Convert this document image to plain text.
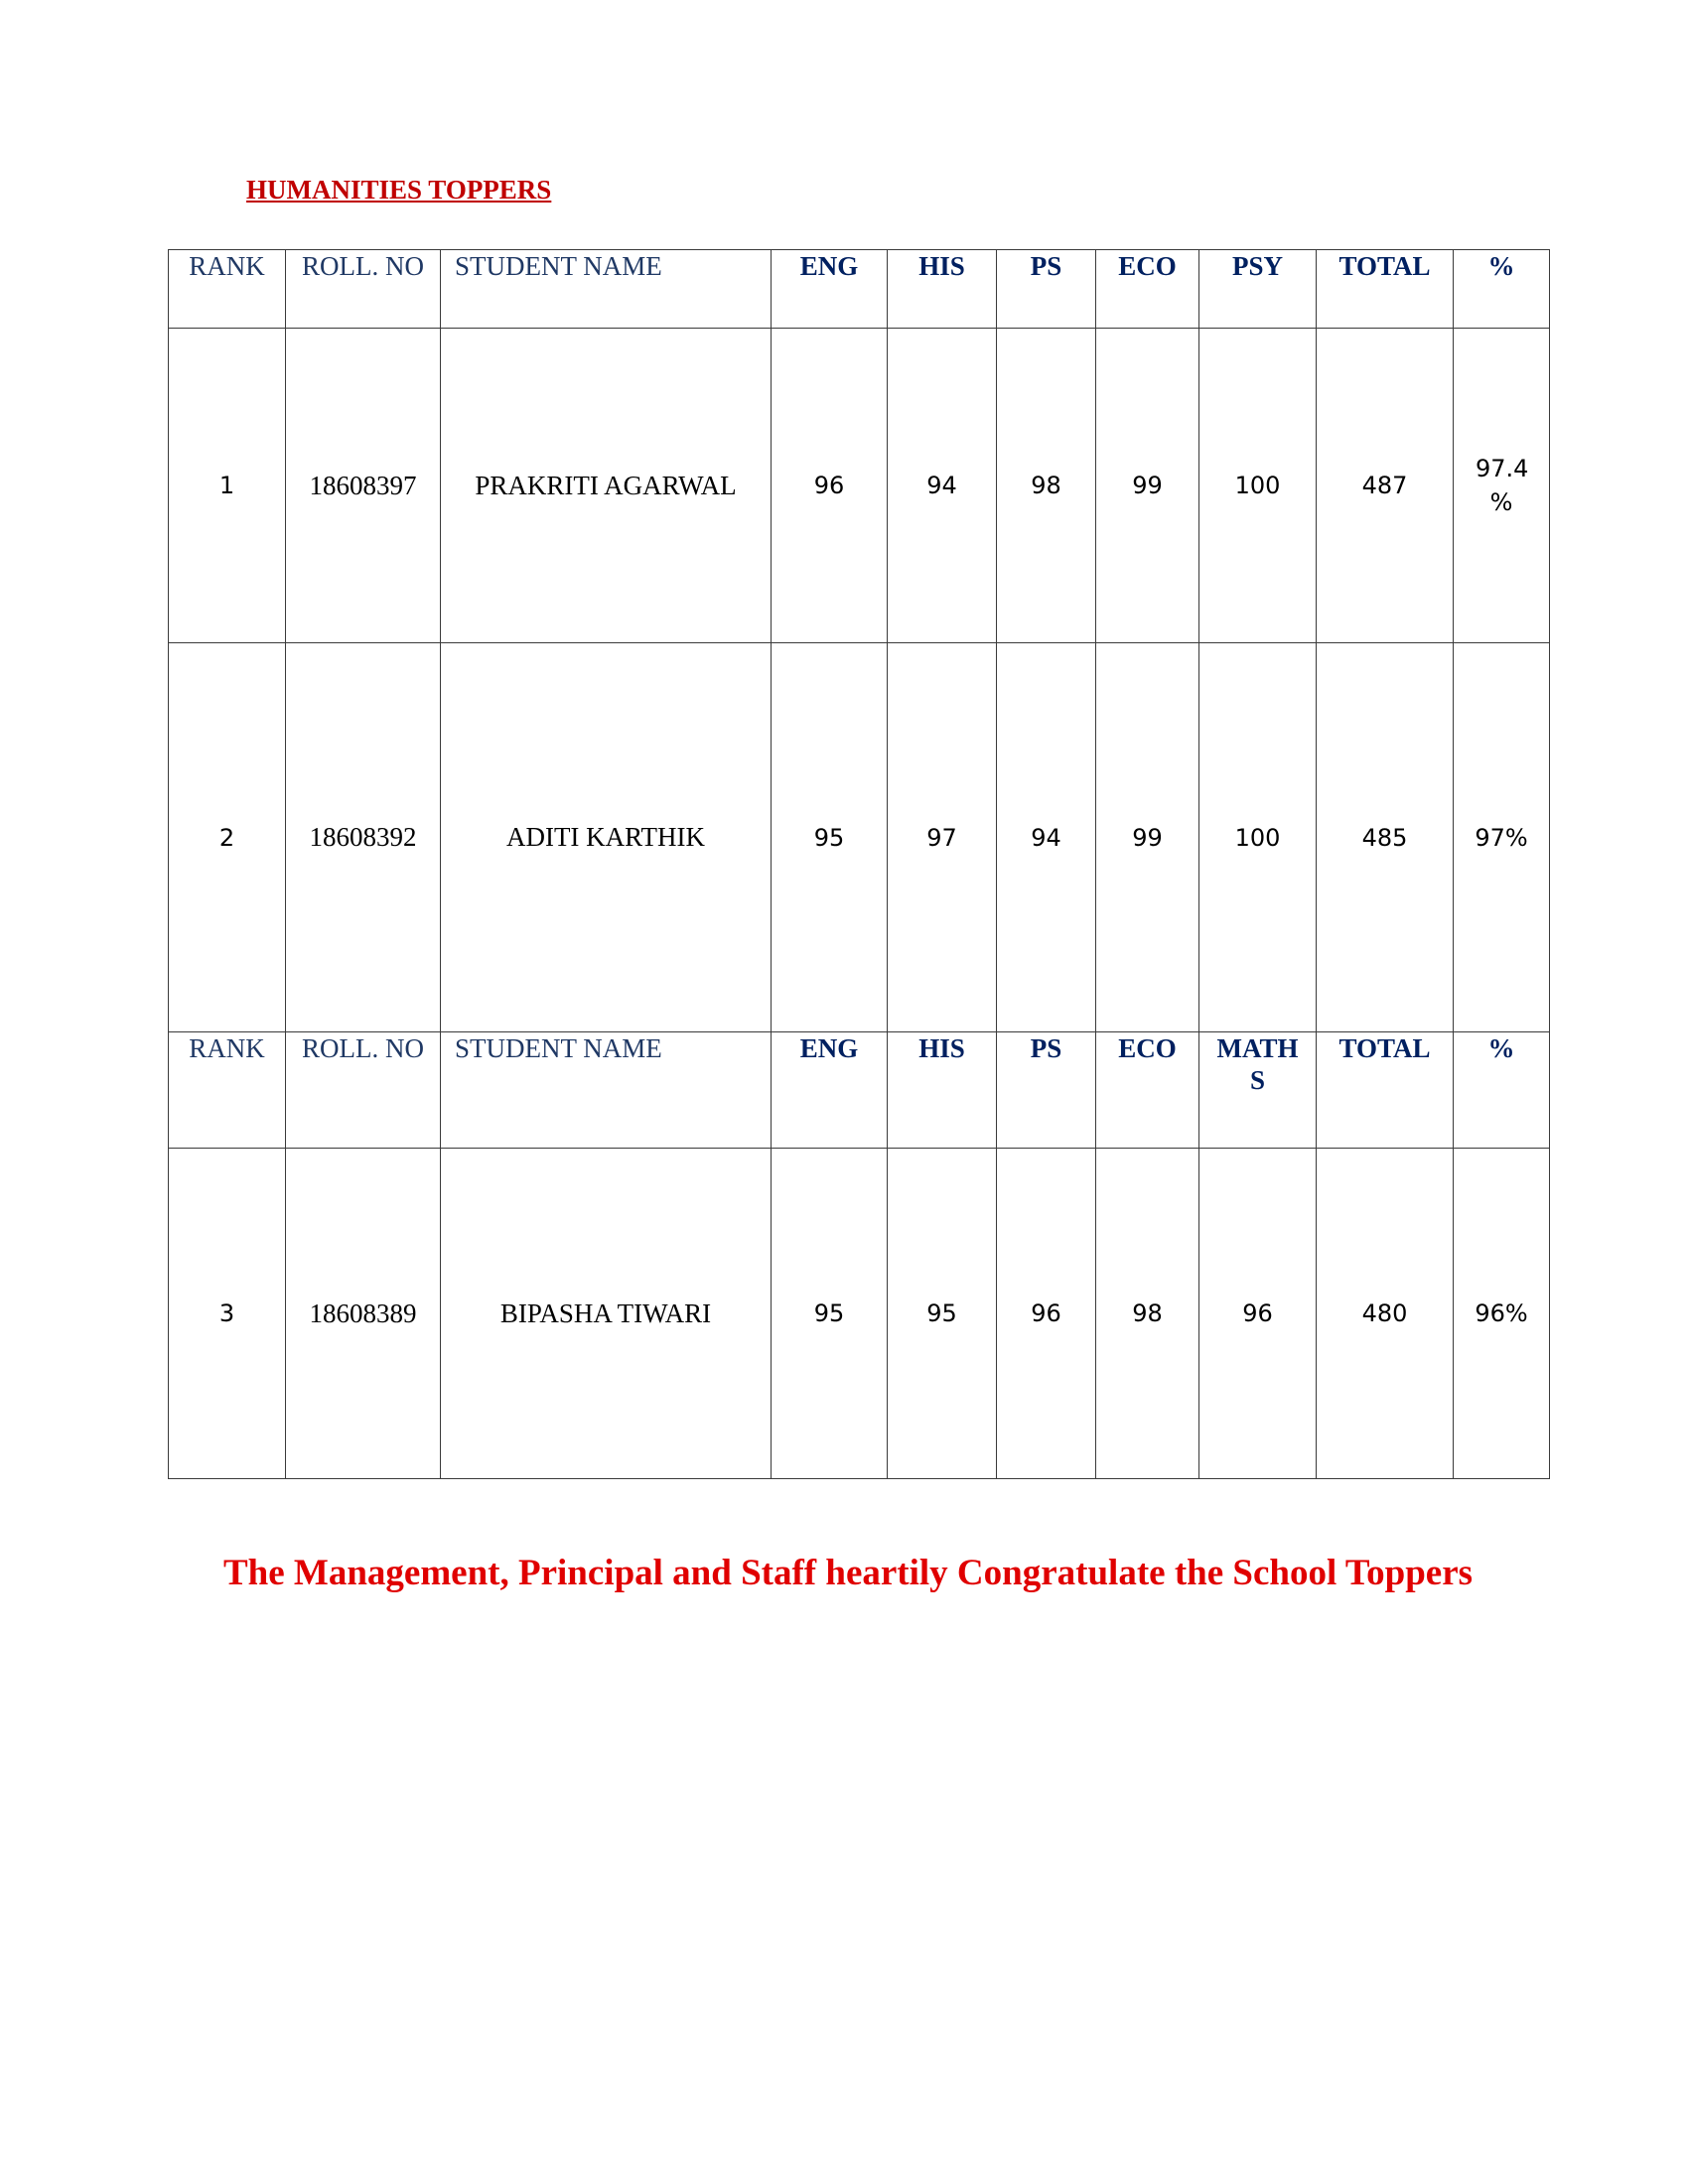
HUMANITIES TOPPERS
RANK	ROLL. NO	STUDENT NAME	ENG	HIS	PS	ECO	PSY	TOTAL	%
1	18608397	PRAKRITI AGARWAL	96	94	98	99	100	487	97.4 %
2	18608392	ADITI KARTHIK	95	97	94	99	100	485	97%
RANK	ROLL. NO	STUDENT NAME	ENG	HIS	PS	ECO	MATHS	TOTAL	%
3	18608389	BIPASHA TIWARI	95	95	96	98	96	480	96%
The Management, Principal and Staff heartily Congratulate the School Toppers
